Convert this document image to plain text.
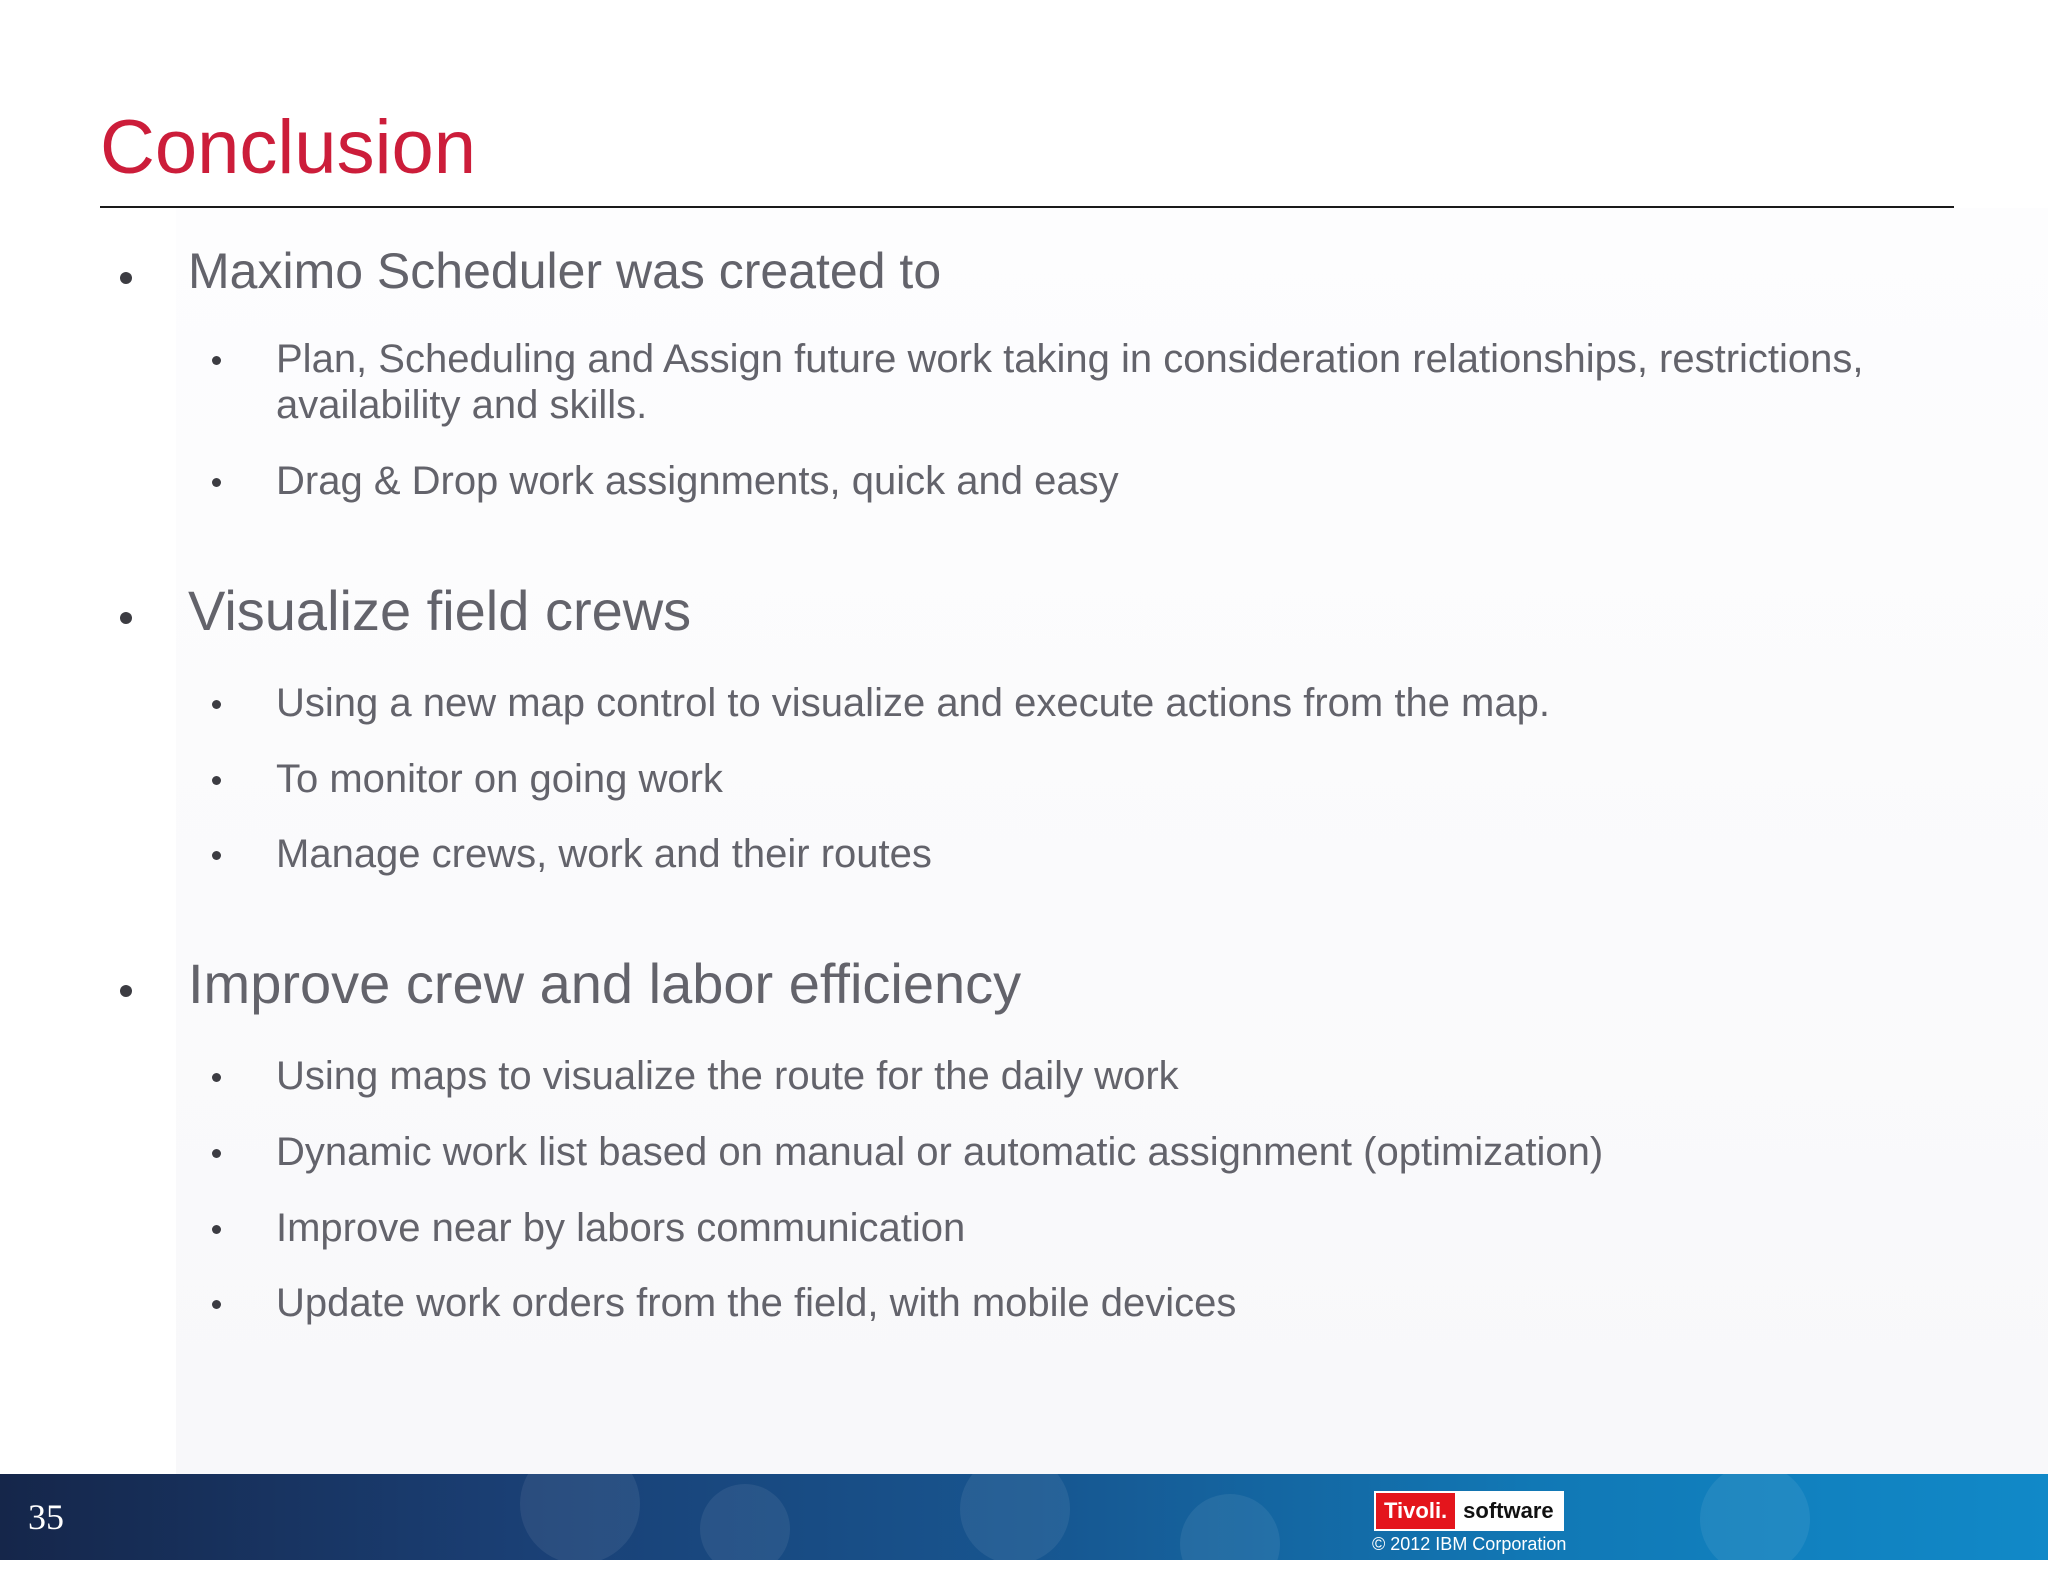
Conclusion
Maximo Scheduler was created to
Plan, Scheduling and Assign future work taking in consideration relationships, restrictions, availability and skills.
Drag & Drop work assignments, quick and easy
Visualize field crews
Using a new map control to visualize and execute actions from the map.
To monitor on going work
Manage crews, work and their routes
Improve crew and labor efficiency
Using maps to visualize the route for the daily work
Dynamic work list based on manual or automatic assignment (optimization)
Improve near by labors communication
Update work orders from the field, with mobile devices
35	Tivoli. software
© 2012 IBM Corporation
